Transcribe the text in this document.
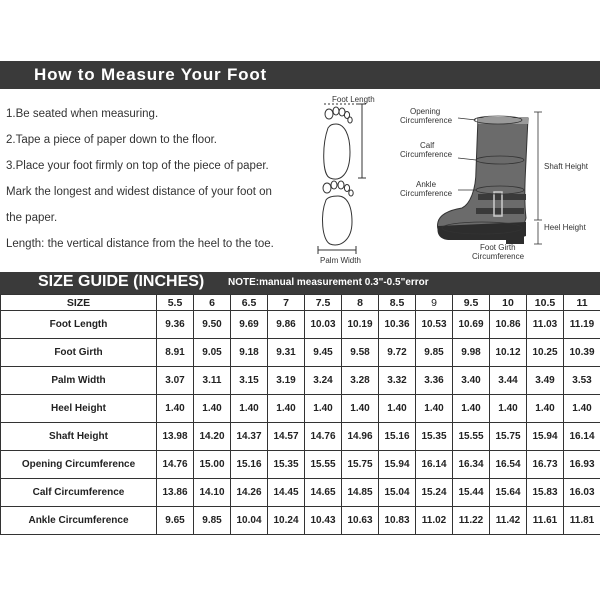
How to Measure Your Foot
1.Be seated when measuring.
2.Tape a piece of paper down to the floor.
3.Place your foot firmly on top of the piece of paper.
Mark the longest and widest distance of your foot on
the paper.
Length: the vertical distance from the heel to the toe.
Foot Length
Palm Width
Opening
Circumference
Calf
Circumference
Ankle
Circumference
Shaft Height
Heel Height
Foot Girth
Circumference
SIZE GUIDE (INCHES) NOTE:manual measurement 0.3"-0.5"error
SIZE	5.5	6	6.5	7	7.5	8	8.5	9	9.5	10	10.5	11
Foot Length	9.36	9.50	9.69	9.86	10.03	10.19	10.36	10.53	10.69	10.86	11.03	11.19
Foot Girth	8.91	9.05	9.18	9.31	9.45	9.58	9.72	9.85	9.98	10.12	10.25	10.39
Palm Width	3.07	3.11	3.15	3.19	3.24	3.28	3.32	3.36	3.40	3.44	3.49	3.53
Heel Height	1.40	1.40	1.40	1.40	1.40	1.40	1.40	1.40	1.40	1.40	1.40	1.40
Shaft Height	13.98	14.20	14.37	14.57	14.76	14.96	15.16	15.35	15.55	15.75	15.94	16.14
Opening Circumference	14.76	15.00	15.16	15.35	15.55	15.75	15.94	16.14	16.34	16.54	16.73	16.93
Calf Circumference	13.86	14.10	14.26	14.45	14.65	14.85	15.04	15.24	15.44	15.64	15.83	16.03
Ankle Circumference	9.65	9.85	10.04	10.24	10.43	10.63	10.83	11.02	11.22	11.42	11.61	11.81
